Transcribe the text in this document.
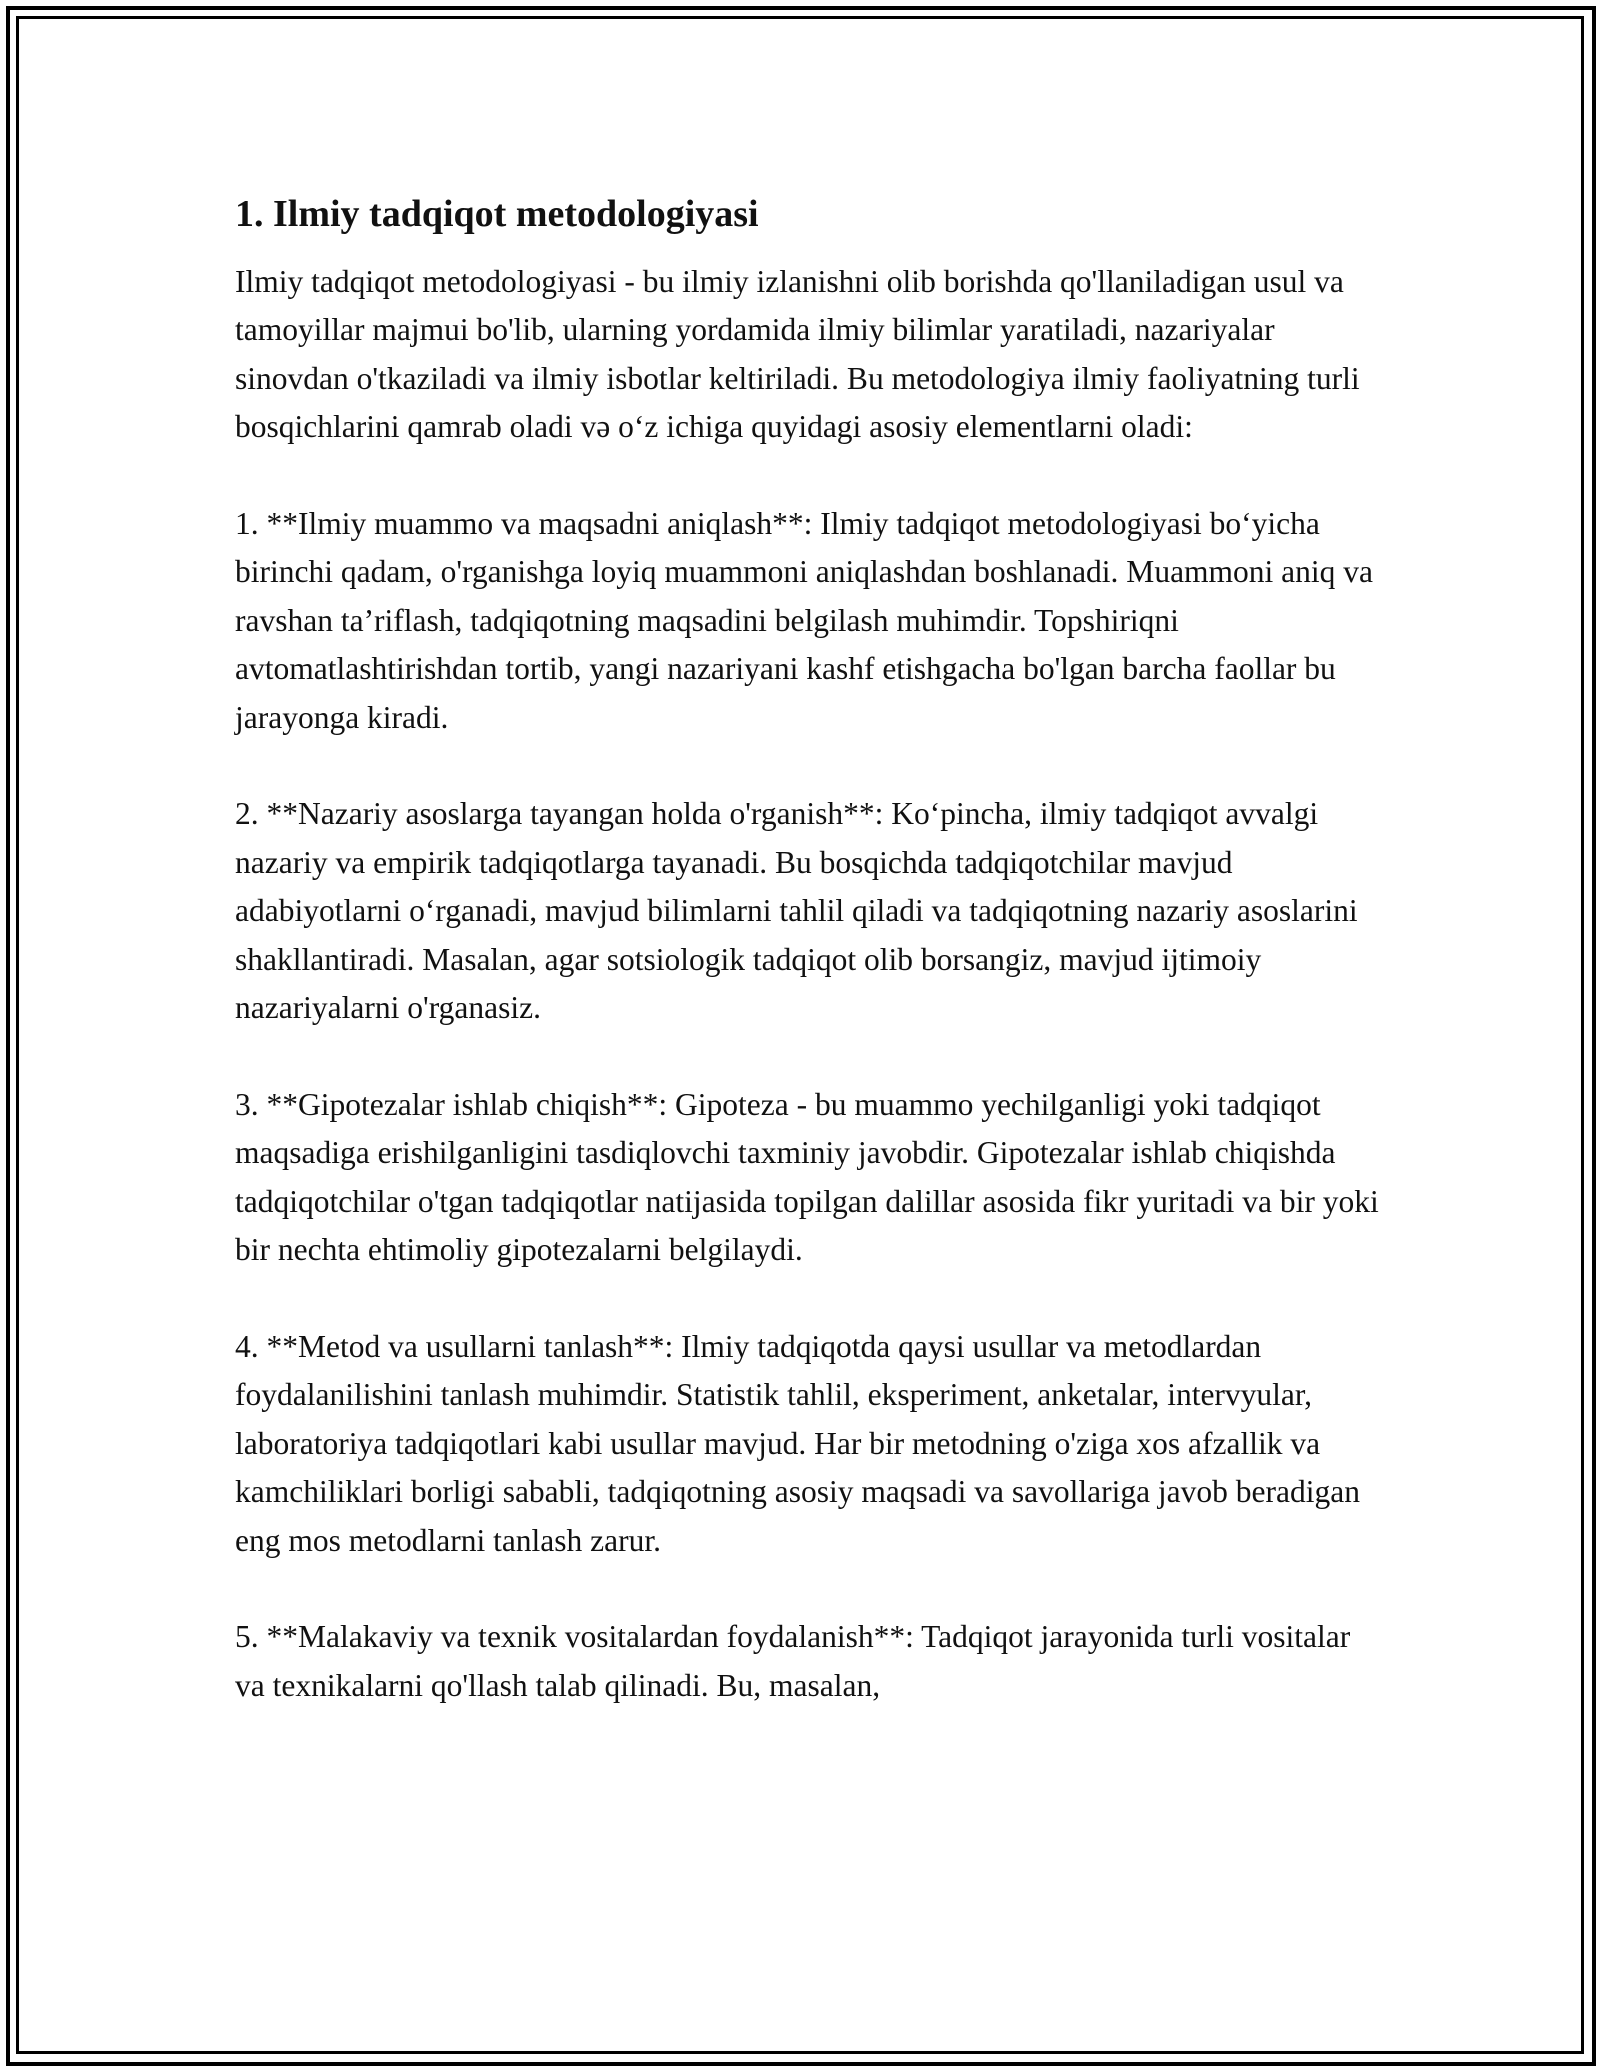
1. Ilmiy tadqiqot metodologiyasi

Ilmiy tadqiqot metodologiyasi - bu ilmiy izlanishni olib borishda qo'llaniladigan usul va tamoyillar majmui bo'lib, ularning yordamida ilmiy bilimlar yaratiladi, nazariyalar sinovdan o'tkaziladi va ilmiy isbotlar keltiriladi. Bu metodologiya ilmiy faoliyatning turli bosqichlarini qamrab oladi və oʻz ichiga quyidagi asosiy elementlarni oladi:

1. **Ilmiy muammo va maqsadni aniqlash**: Ilmiy tadqiqot metodologiyasi boʻyicha birinchi qadam, o'rganishga loyiq muammoni aniqlashdan boshlanadi. Muammoni aniq va ravshan ta’riflash, tadqiqotning maqsadini belgilash muhimdir. Topshiriqni avtomatlashtirishdan tortib, yangi nazariyani kashf etishgacha bo'lgan barcha faollar bu jarayonga kiradi.

2. **Nazariy asoslarga tayangan holda o'rganish**: Koʻpincha, ilmiy tadqiqot avvalgi nazariy va empirik tadqiqotlarga tayanadi. Bu bosqichda tadqiqotchilar mavjud adabiyotlarni oʻrganadi, mavjud bilimlarni tahlil qiladi va tadqiqotning nazariy asoslarini shakllantiradi. Masalan, agar sotsiologik tadqiqot olib borsangiz, mavjud ijtimoiy nazariyalarni o'rganasiz.

3. **Gipotezalar ishlab chiqish**: Gipoteza - bu muammo yechilganligi yoki tadqiqot maqsadiga erishilganligini tasdiqlovchi taxminiy javobdir. Gipotezalar ishlab chiqishda tadqiqotchilar o'tgan tadqiqotlar natijasida topilgan dalillar asosida fikr yuritadi va bir yoki bir nechta ehtimoliy gipotezalarni belgilaydi.

4. **Metod va usullarni tanlash**: Ilmiy tadqiqotda qaysi usullar va metodlardan foydalanilishini tanlash muhimdir. Statistik tahlil, eksperiment, anketalar, intervyular, laboratoriya tadqiqotlari kabi usullar mavjud. Har bir metodning o'ziga xos afzallik va kamchiliklari borligi sababli, tadqiqotning asosiy maqsadi va savollariga javob beradigan eng mos metodlarni tanlash zarur.

5. **Malakaviy va texnik vositalardan foydalanish**: Tadqiqot jarayonida turli vositalar va texnikalarni qo'llash talab qilinadi. Bu, masalan,
